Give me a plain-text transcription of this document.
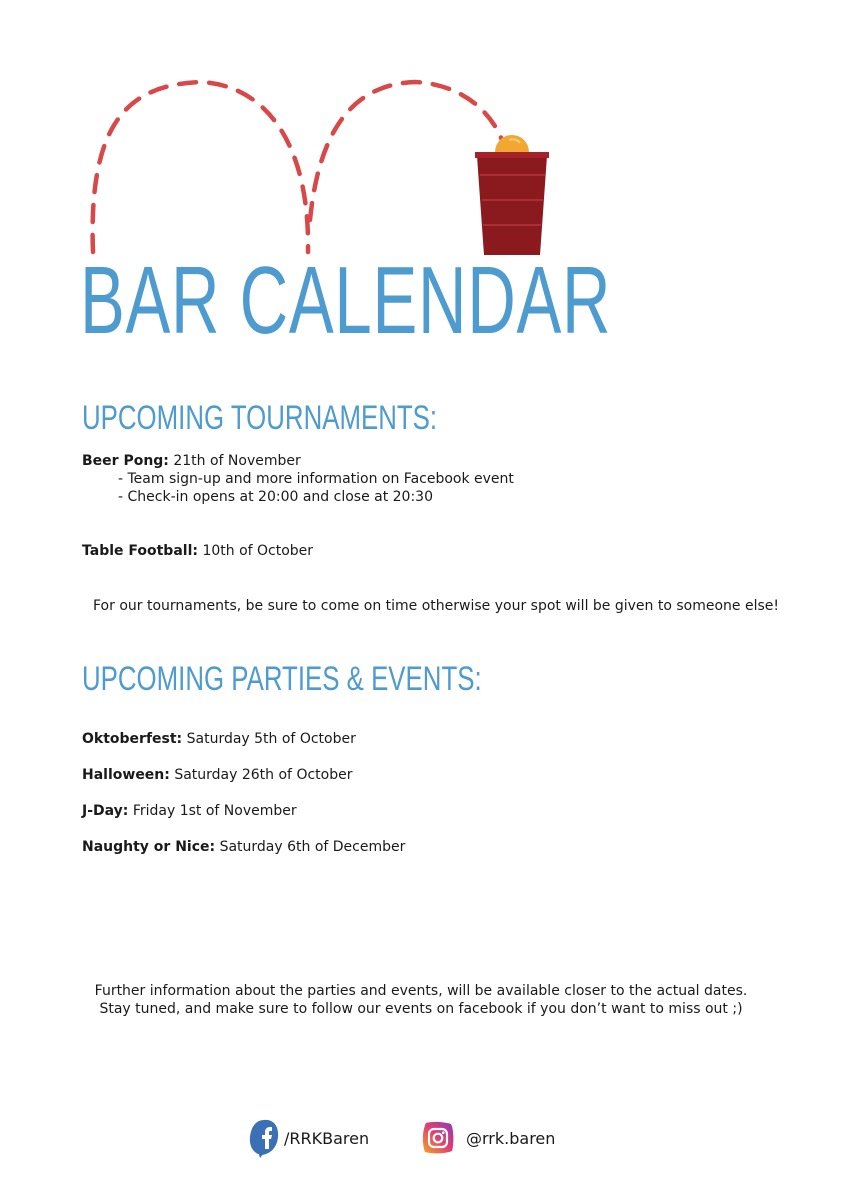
BAR CALENDAR
UPCOMING TOURNAMENTS:
Beer Pong: 21th of November
- Team sign-up and more information on Facebook event
- Check-in opens at 20:00 and close at 20:30
Table Football: 10th of October
For our tournaments, be sure to come on time otherwise your spot will be given to someone else!
UPCOMING PARTIES & EVENTS:
Oktoberfest: Saturday 5th of October
Halloween: Saturday 26th of October
J-Day: Friday 1st of November
Naughty or Nice: Saturday 6th of December
Further information about the parties and events, will be available closer to the actual dates.
Stay tuned, and make sure to follow our events on facebook if you don’t want to miss out ;)
/RRKBaren	@rrk.baren
